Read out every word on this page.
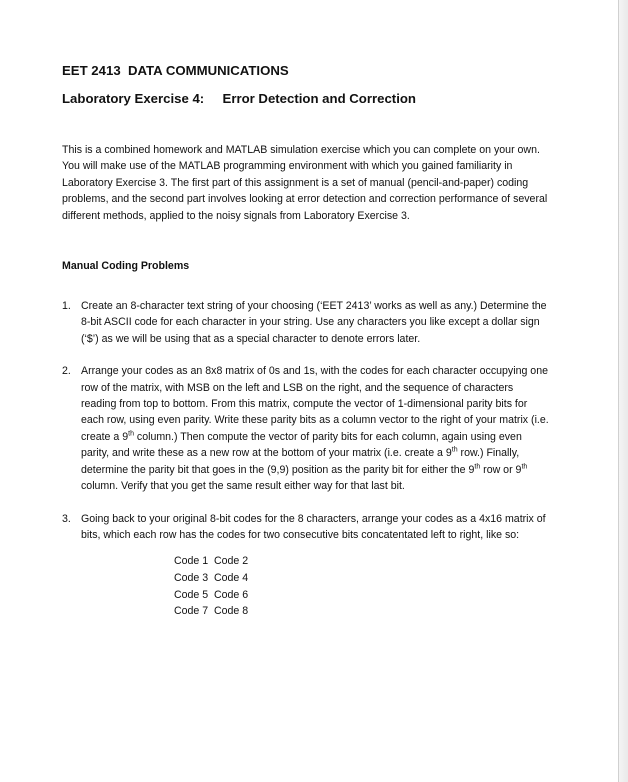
EET 2413  DATA COMMUNICATIONS

Laboratory Exercise 4:     Error Detection and Correction

This is a combined homework and MATLAB simulation exercise which you can complete on your own. You will make use of the MATLAB programming environment with which you gained familiarity in Laboratory Exercise 3. The first part of this assignment is a set of manual (pencil-and-paper) coding problems, and the second part involves looking at error detection and correction performance of several different methods, applied to the noisy signals from Laboratory Exercise 3.

Manual Coding Problems

1. Create an 8-character text string of your choosing (‘EET 2413’ works as well as any.) Determine the 8-bit ASCII code for each character in your string. Use any characters you like except a dollar sign (‘$’) as we will be using that as a special character to denote errors later.
2. Arrange your codes as an 8x8 matrix of 0s and 1s, with the codes for each character occupying one row of the matrix, with MSB on the left and LSB on the right, and the sequence of characters reading from top to bottom. From this matrix, compute the vector of 1-dimensional parity bits for each row, using even parity. Write these parity bits as a column vector to the right of your matrix (i.e. create a 9th column.) Then compute the vector of parity bits for each column, again using even parity, and write these as a new row at the bottom of your matrix (i.e. create a 9th row.) Finally, determine the parity bit that goes in the (9,9) position as the parity bit for either the 9th row or 9th column. Verify that you get the same result either way for that last bit.
3. Going back to your original 8-bit codes for the 8 characters, arrange your codes as a 4x16 matrix of bits, which each row has the codes for two consecutive bits concatentated left to right, like so:
Code 1 Code 2
Code 3 Code 4
Code 5 Code 6
Code 7 Code 8
